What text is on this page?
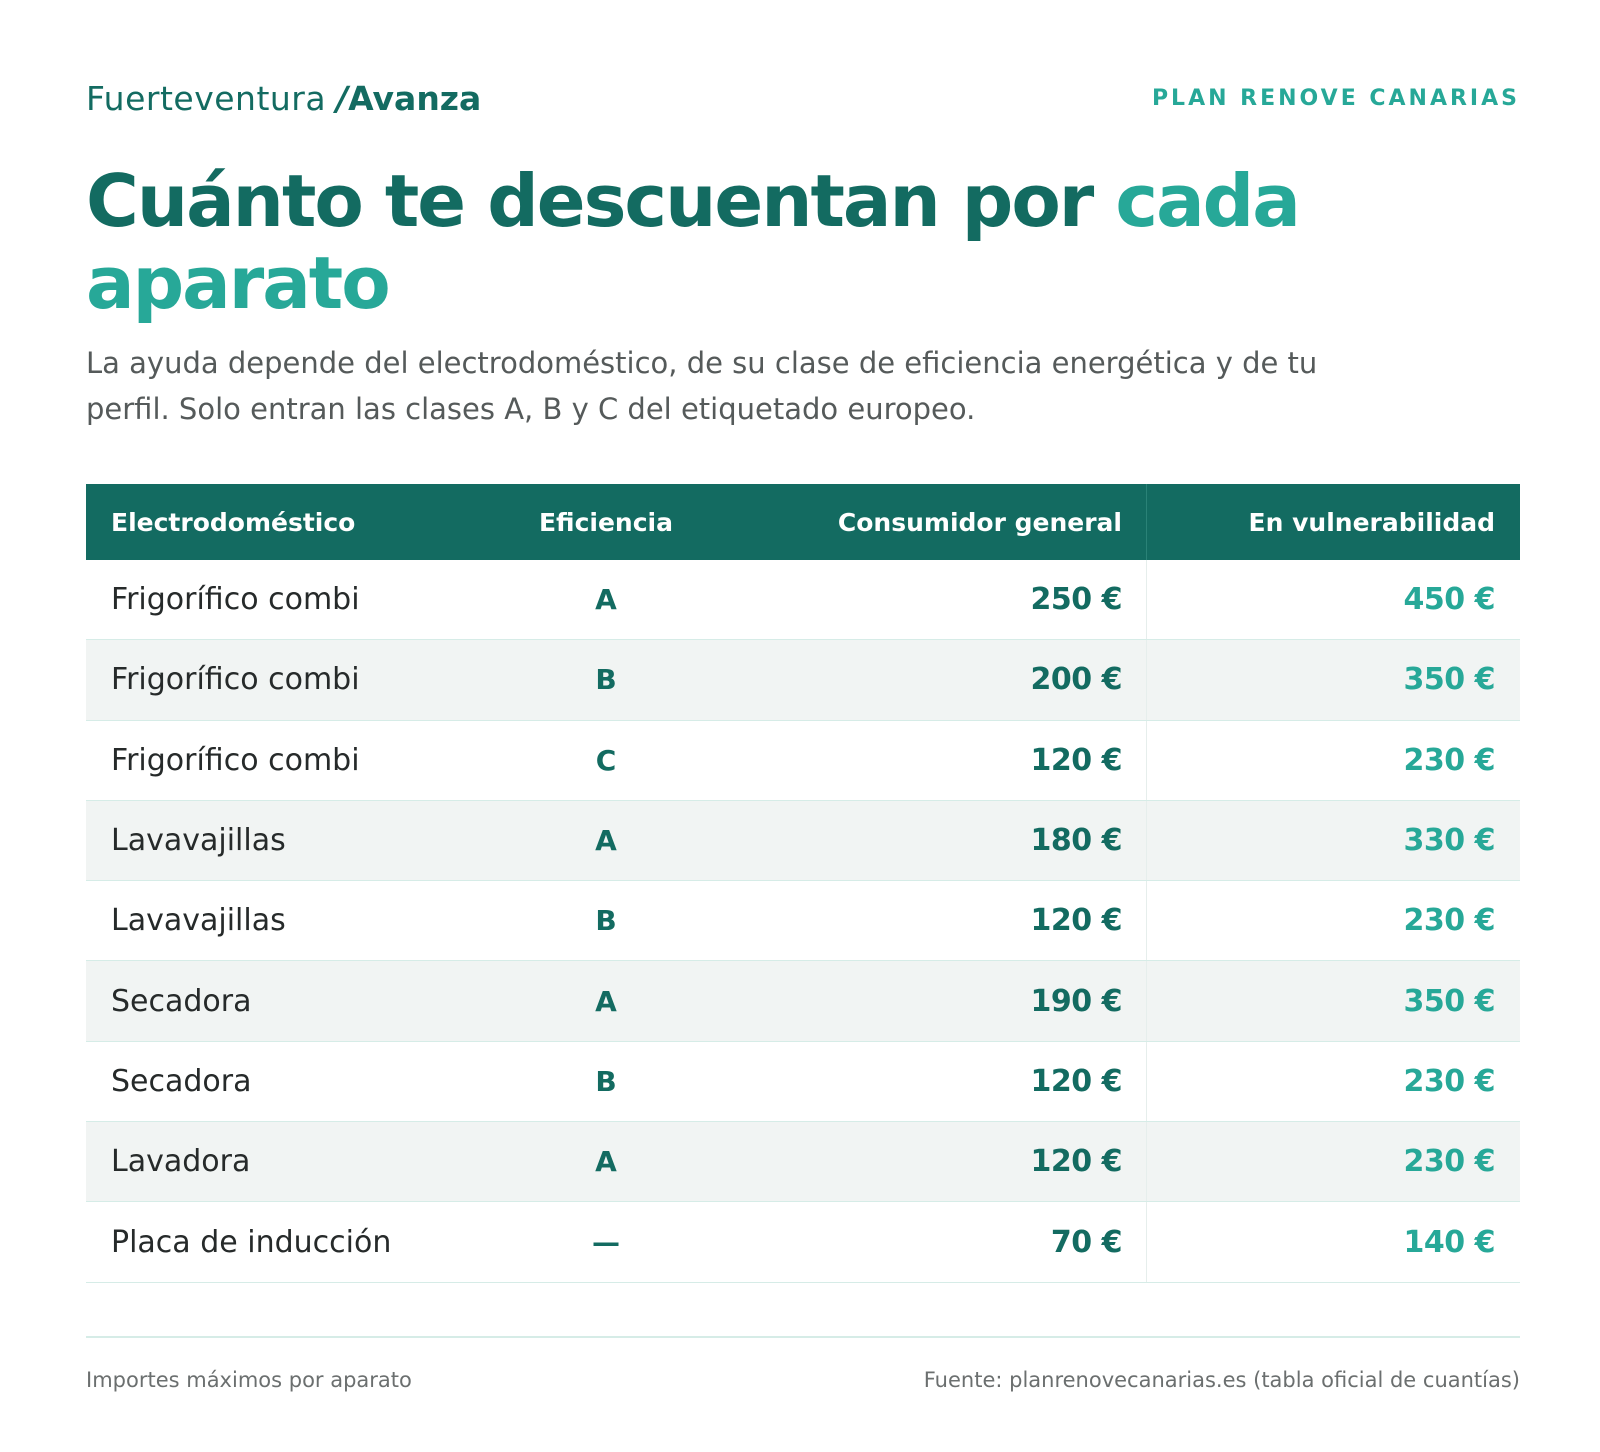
Fuerteventura /Avanza	PLAN RENOVE CANARIAS
Cuánto te descuentan por cada aparato

La ayuda depende del electrodoméstico, de su clase de eficiencia energética y de tu perfil. Solo entran las clases A, B y C del etiquetado europeo.

Electrodoméstico	Eficiencia	Consumidor general	En vulnerabilidad
Frigorífico combi	A	250 €	450 €
Frigorífico combi	B	200 €	350 €
Frigorífico combi	C	120 €	230 €
Lavavajillas	A	180 €	330 €
Lavavajillas	B	120 €	230 €
Secadora	A	190 €	350 €
Secadora	B	120 €	230 €
Lavadora	A	120 €	230 €
Placa de inducción	—	70 €	140 €
Importes máximos por aparato	Fuente: planrenovecanarias.es (tabla oficial de cuantías)
